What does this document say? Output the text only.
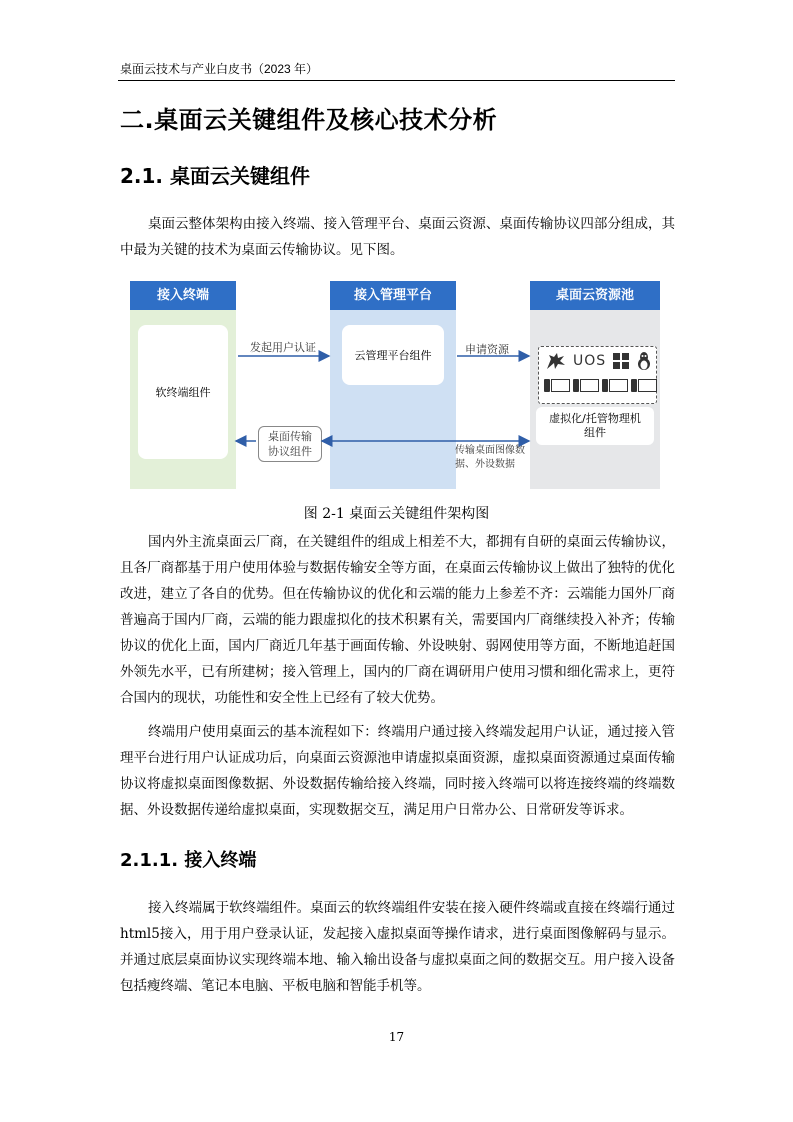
桌面云技术与产业白皮书（2023 年）
二.桌面云关键组件及核心技术分析
2.1. 桌面云关键组件

桌面云整体架构由接入终端、接入管理平台、桌面云资源、桌面传输协议四部分组成，其中最为关键的技术为桌面云传输协议。见下图。

接入终端
软终端组件
接入管理平台
云管理平台组件
桌面云资源池
UOS
虚拟化/托管物理机
组件
桌面传输
协议组件
发起用户认证	申请资源
传输桌面图像数
据、外设数据
图 2-1 桌面云关键组件架构图

国内外主流桌面云厂商，在关键组件的组成上相差不大，都拥有自研的桌面云传输协议，且各厂商都基于用户使用体验与数据传输安全等方面，在桌面云传输协议上做出了独特的优化改进，建立了各自的优势。但在传输协议的优化和云端的能力上参差不齐：云端能力国外厂商普遍高于国内厂商，云端的能力跟虚拟化的技术积累有关，需要国内厂商继续投入补齐；传输协议的优化上面，国内厂商近几年基于画面传输、外设映射、弱网使用等方面，不断地追赶国外领先水平，已有所建树；接入管理上，国内的厂商在调研用户使用习惯和细化需求上，更符合国内的现状，功能性和安全性上已经有了较大优势。

终端用户使用桌面云的基本流程如下：终端用户通过接入终端发起用户认证，通过接入管理平台进行用户认证成功后，向桌面云资源池申请虚拟桌面资源，虚拟桌面资源通过桌面传输协议将虚拟桌面图像数据、外设数据传输给接入终端，同时接入终端可以将连接终端的终端数据、外设数据传递给虚拟桌面，实现数据交互，满足用户日常办公、日常研发等诉求。

2.1.1. 接入终端

接入终端属于软终端组件。桌面云的软终端组件安装在接入硬件终端或直接在终端行通过html5接入，用于用户登录认证，发起接入虚拟桌面等操作请求，进行桌面图像解码与显示。并通过底层桌面协议实现终端本地、输入输出设备与虚拟桌面之间的数据交互。用户接入设备包括瘦终端、笔记本电脑、平板电脑和智能手机等。

17
